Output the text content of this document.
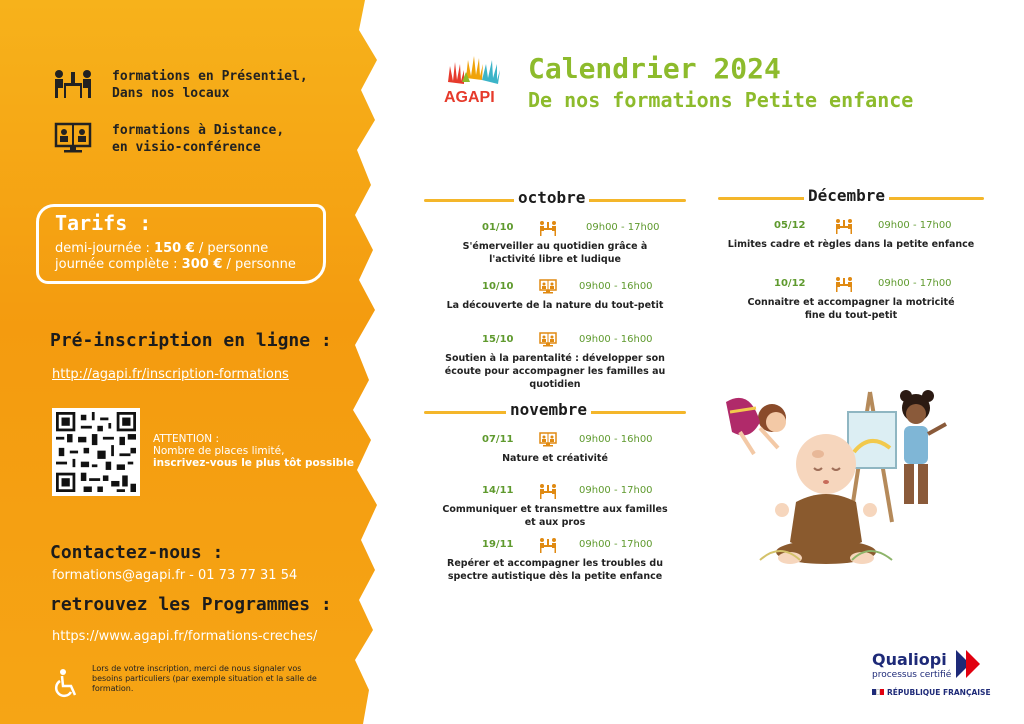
formations en Présentiel,
Dans nos locaux
formations à Distance,
en visio-conférence
Tarifs :
demi-journée : 150 € / personne
journée complète : 300 € / personne
Pré-inscription en ligne :
http://agapi.fr/inscription-formations
ATTENTION :
Nombre de places limité,
inscrivez-vous le plus tôt possible
Contactez-nous :
formations@agapi.fr - 01 73 77 31 54
retrouvez les Programmes :
https://www.agapi.fr/formations-creches/
Lors de votre inscription, merci de nous signaler vos besoins particuliers (par exemple situation et la salle de formation.
AGAPI
Calendrier 2024
De nos formations Petite enfance
octobre
01/10	09h00 - 17h00
S'émerveiller au quotidien grâce à l'activité libre et ludique
10/10	09h00 - 16h00
La découverte de la nature du tout-petit
15/10	09h00 - 16h00
Soutien à la parentalité : développer son écoute pour accompagner les familles au quotidien
novembre
07/11	09h00 - 16h00
Nature et créativité
14/11	09h00 - 17h00
Communiquer et transmettre aux familles et aux pros
19/11	09h00 - 17h00
Repérer et accompagner les troubles du spectre autistique dès la petite enfance
Décembre
05/12	09h00 - 17h00
Limites cadre et règles dans la petite enfance
10/12	09h00 - 17h00
Connaitre et accompagner la motricité fine du tout-petit
Qualiopi
processus certifié
RÉPUBLIQUE FRANÇAISE
